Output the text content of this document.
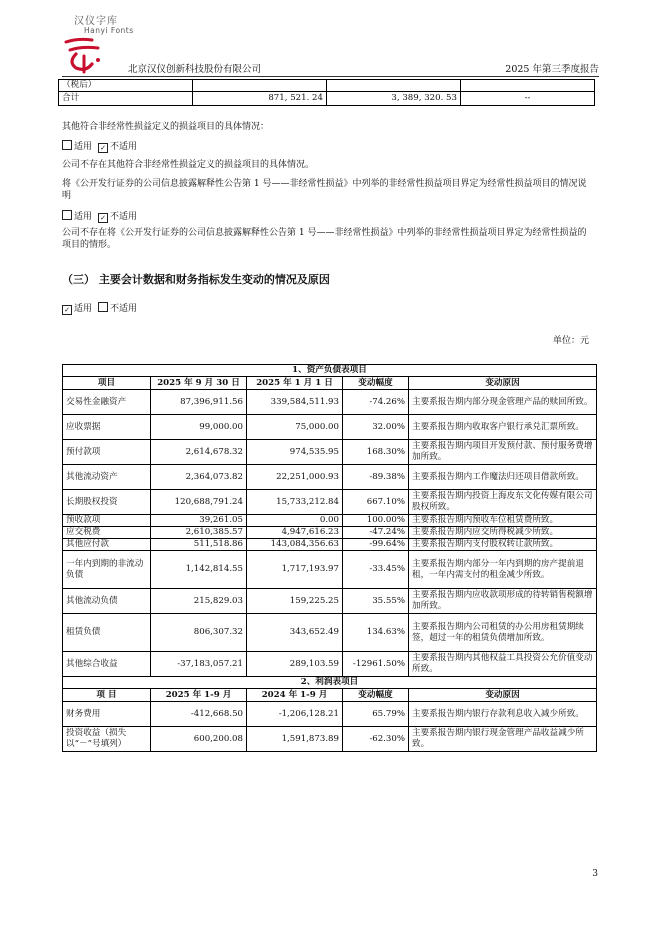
汉仪字库
Hanyi Fonts
北京汉仪创新科技股份有限公司	2025 年第三季度报告
（税后）			
合计	871, 521. 24	3, 389, 320. 53	--
其他符合非经常性损益定义的损益项目的具体情况：
适用 ✓ 不适用
公司不存在其他符合非经常性损益定义的损益项目的具体情况。
将《公开发行证券的公司信息披露解释性公告第 1 号——非经常性损益》中列举的非经常性损益项目界定为经常性损益项目的情况说明
适用 ✓ 不适用
公司不存在将《公开发行证券的公司信息披露解释性公告第 1 号——非经常性损益》中列举的非经常性损益项目界定为经常性损益的项目的情形。
（三） 主要会计数据和财务指标发生变动的情况及原因
✓ 适用 不适用
单位：元
1、资产负债表项目				
项目	2025 年 9 月 30 日	2025 年 1 月 1 日	变动幅度	变动原因
交易性金融资产	87,396,911.56	339,584,511.93	-74.26%	主要系报告期内部分现金管理产品的赎回所致。
应收票据	99,000.00	75,000.00	32.00%	主要系报告期内收取客户银行承兑汇票所致。
预付款项	2,614,678.32	974,535.95	168.30%	主要系报告期内项目开发预付款、预付服务费增加所致。
其他流动资产	2,364,073.82	22,251,000.93	-89.38%	主要系报告期内工作魔法归还项目借款所致。
长期股权投资	120,688,791.24	15,733,212.84	667.10%	主要系报告期内投资上海皮东文化传媒有限公司股权所致。
预收款项	39,261.05	0.00	100.00%	主要系报告期内预收车位租赁费所致。
应交税费	2,610,385.57	4,947,616.23	-47.24%	主要系报告期内应交所得税减少所致。
其他应付款	511,518.86	143,084,356.63	-99.64%	主要系报告期内支付股权转让款所致。
一年内到期的非流动负债	1,142,814.55	1,717,193.97	-33.45%	主要系报告期内部分一年内到期的房产提前退租，一年内需支付的租金减少所致。
其他流动负债	215,829.03	159,225.25	35.55%	主要系报告期内应收款项形成的待转销售税额增加所致。
租赁负债	806,307.32	343,652.49	134.63%	主要系报告期内公司租赁的办公用房租赁期续签，超过一年的租赁负债增加所致。
其他综合收益	-37,183,057.21	289,103.59	-12961.50%	主要系报告期内其他权益工具投资公允价值变动所致。
2、利润表项目				
项 目	2025 年 1-9 月	2024 年 1-9 月	变动幅度	变动原因
财务费用	-412,668.50	-1,206,128.21	65.79%	主要系报告期内银行存款利息收入减少所致。
投资收益（损失以“－”号填列）	600,200.08	1,591,873.89	-62.30%	主要系报告期内银行现金管理产品收益减少所致。
3
